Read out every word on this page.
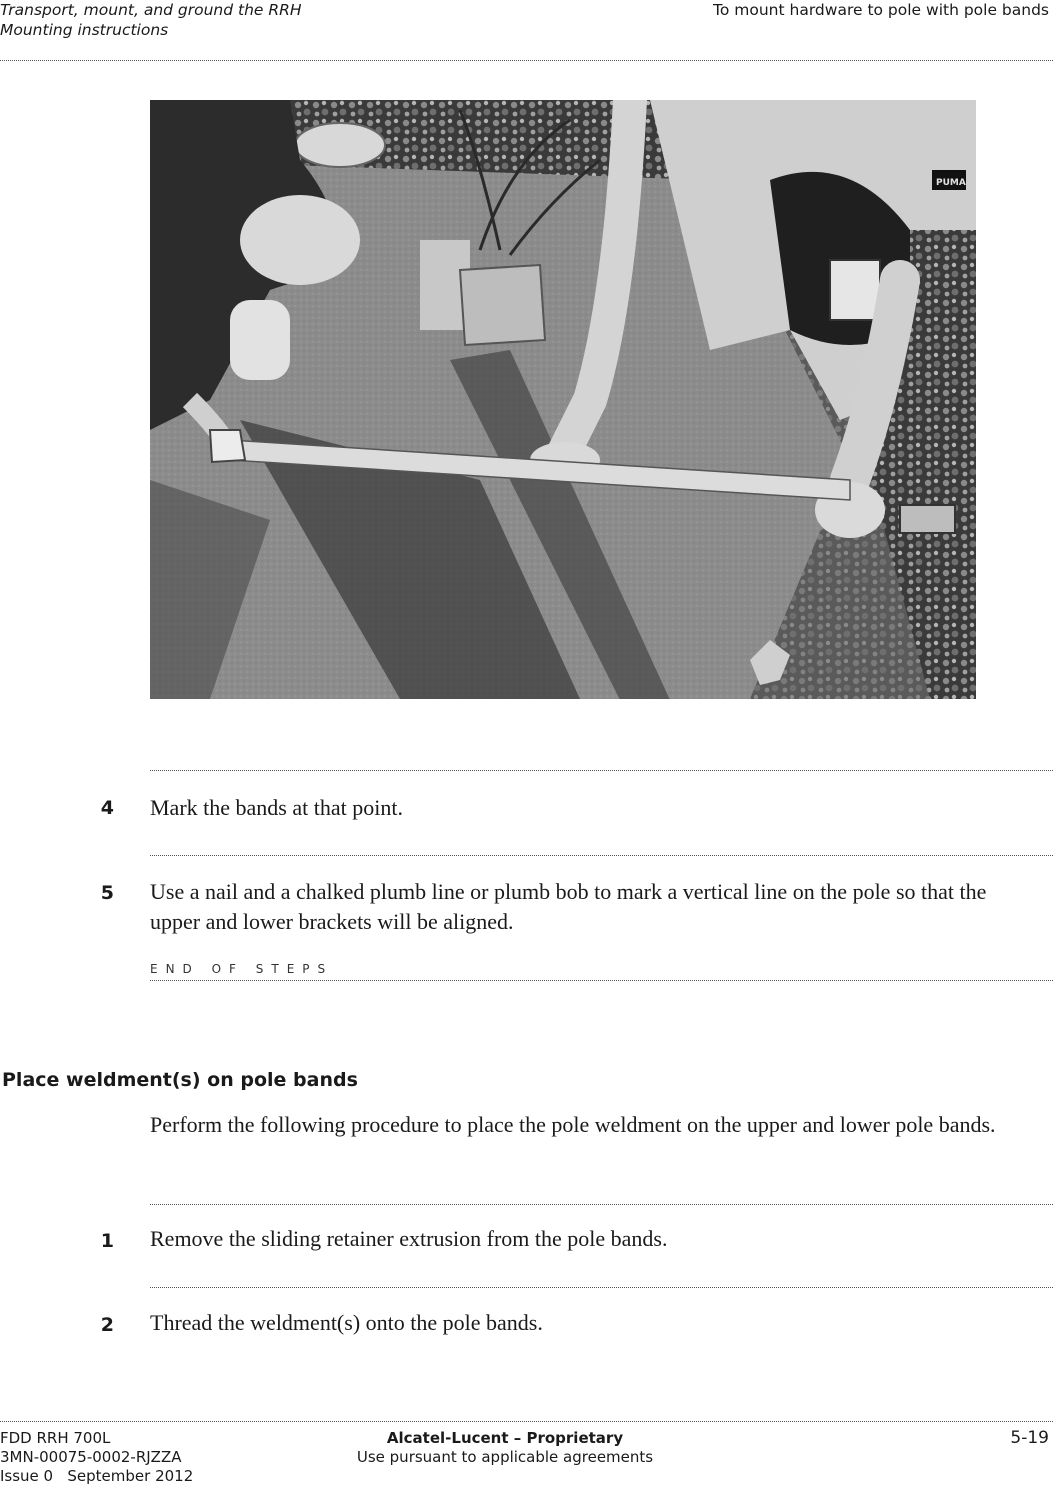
Transport, mount, and ground the RRH
Mounting instructions
To mount hardware to pole with pole bands
PUMA
4 Mark the bands at that point.
5 Use a nail and a chalked plumb line or plumb bob to mark a vertical line on the pole so that the upper and lower brackets will be aligned.
END OF STEPS
Place weldment(s) on pole bands
Perform the following procedure to place the pole weldment on the upper and lower pole bands.
1 Remove the sliding retainer extrusion from the pole bands.
2 Thread the weldment(s) onto the pole bands.
FDD RRH 700L
3MN-00075-0002-RJZZA
Issue 0   September 2012
Alcatel-Lucent – Proprietary
Use pursuant to applicable agreements
5-19
